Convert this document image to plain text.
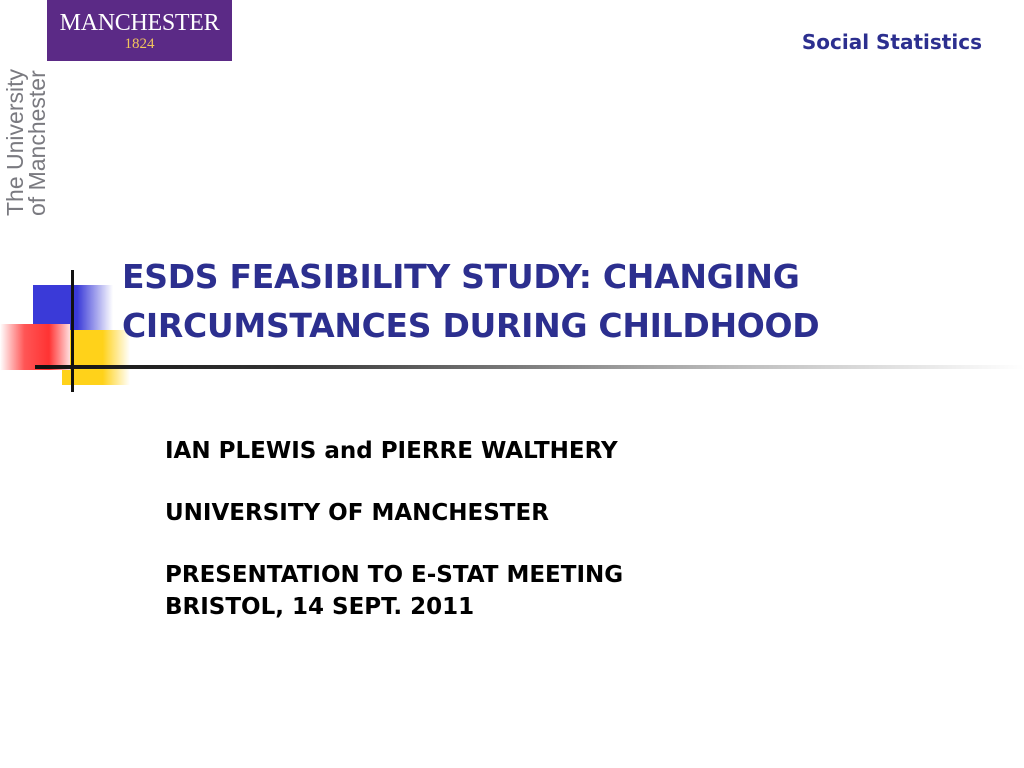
MANCHESTER
1824
The University
of Manchester
Social Statistics
ESDS FEASIBILITY STUDY: CHANGING
CIRCUMSTANCES DURING CHILDHOOD

IAN PLEWIS and PIERRE WALTHERY

UNIVERSITY OF MANCHESTER

PRESENTATION TO E-STAT MEETING
BRISTOL, 14 SEPT. 2011
